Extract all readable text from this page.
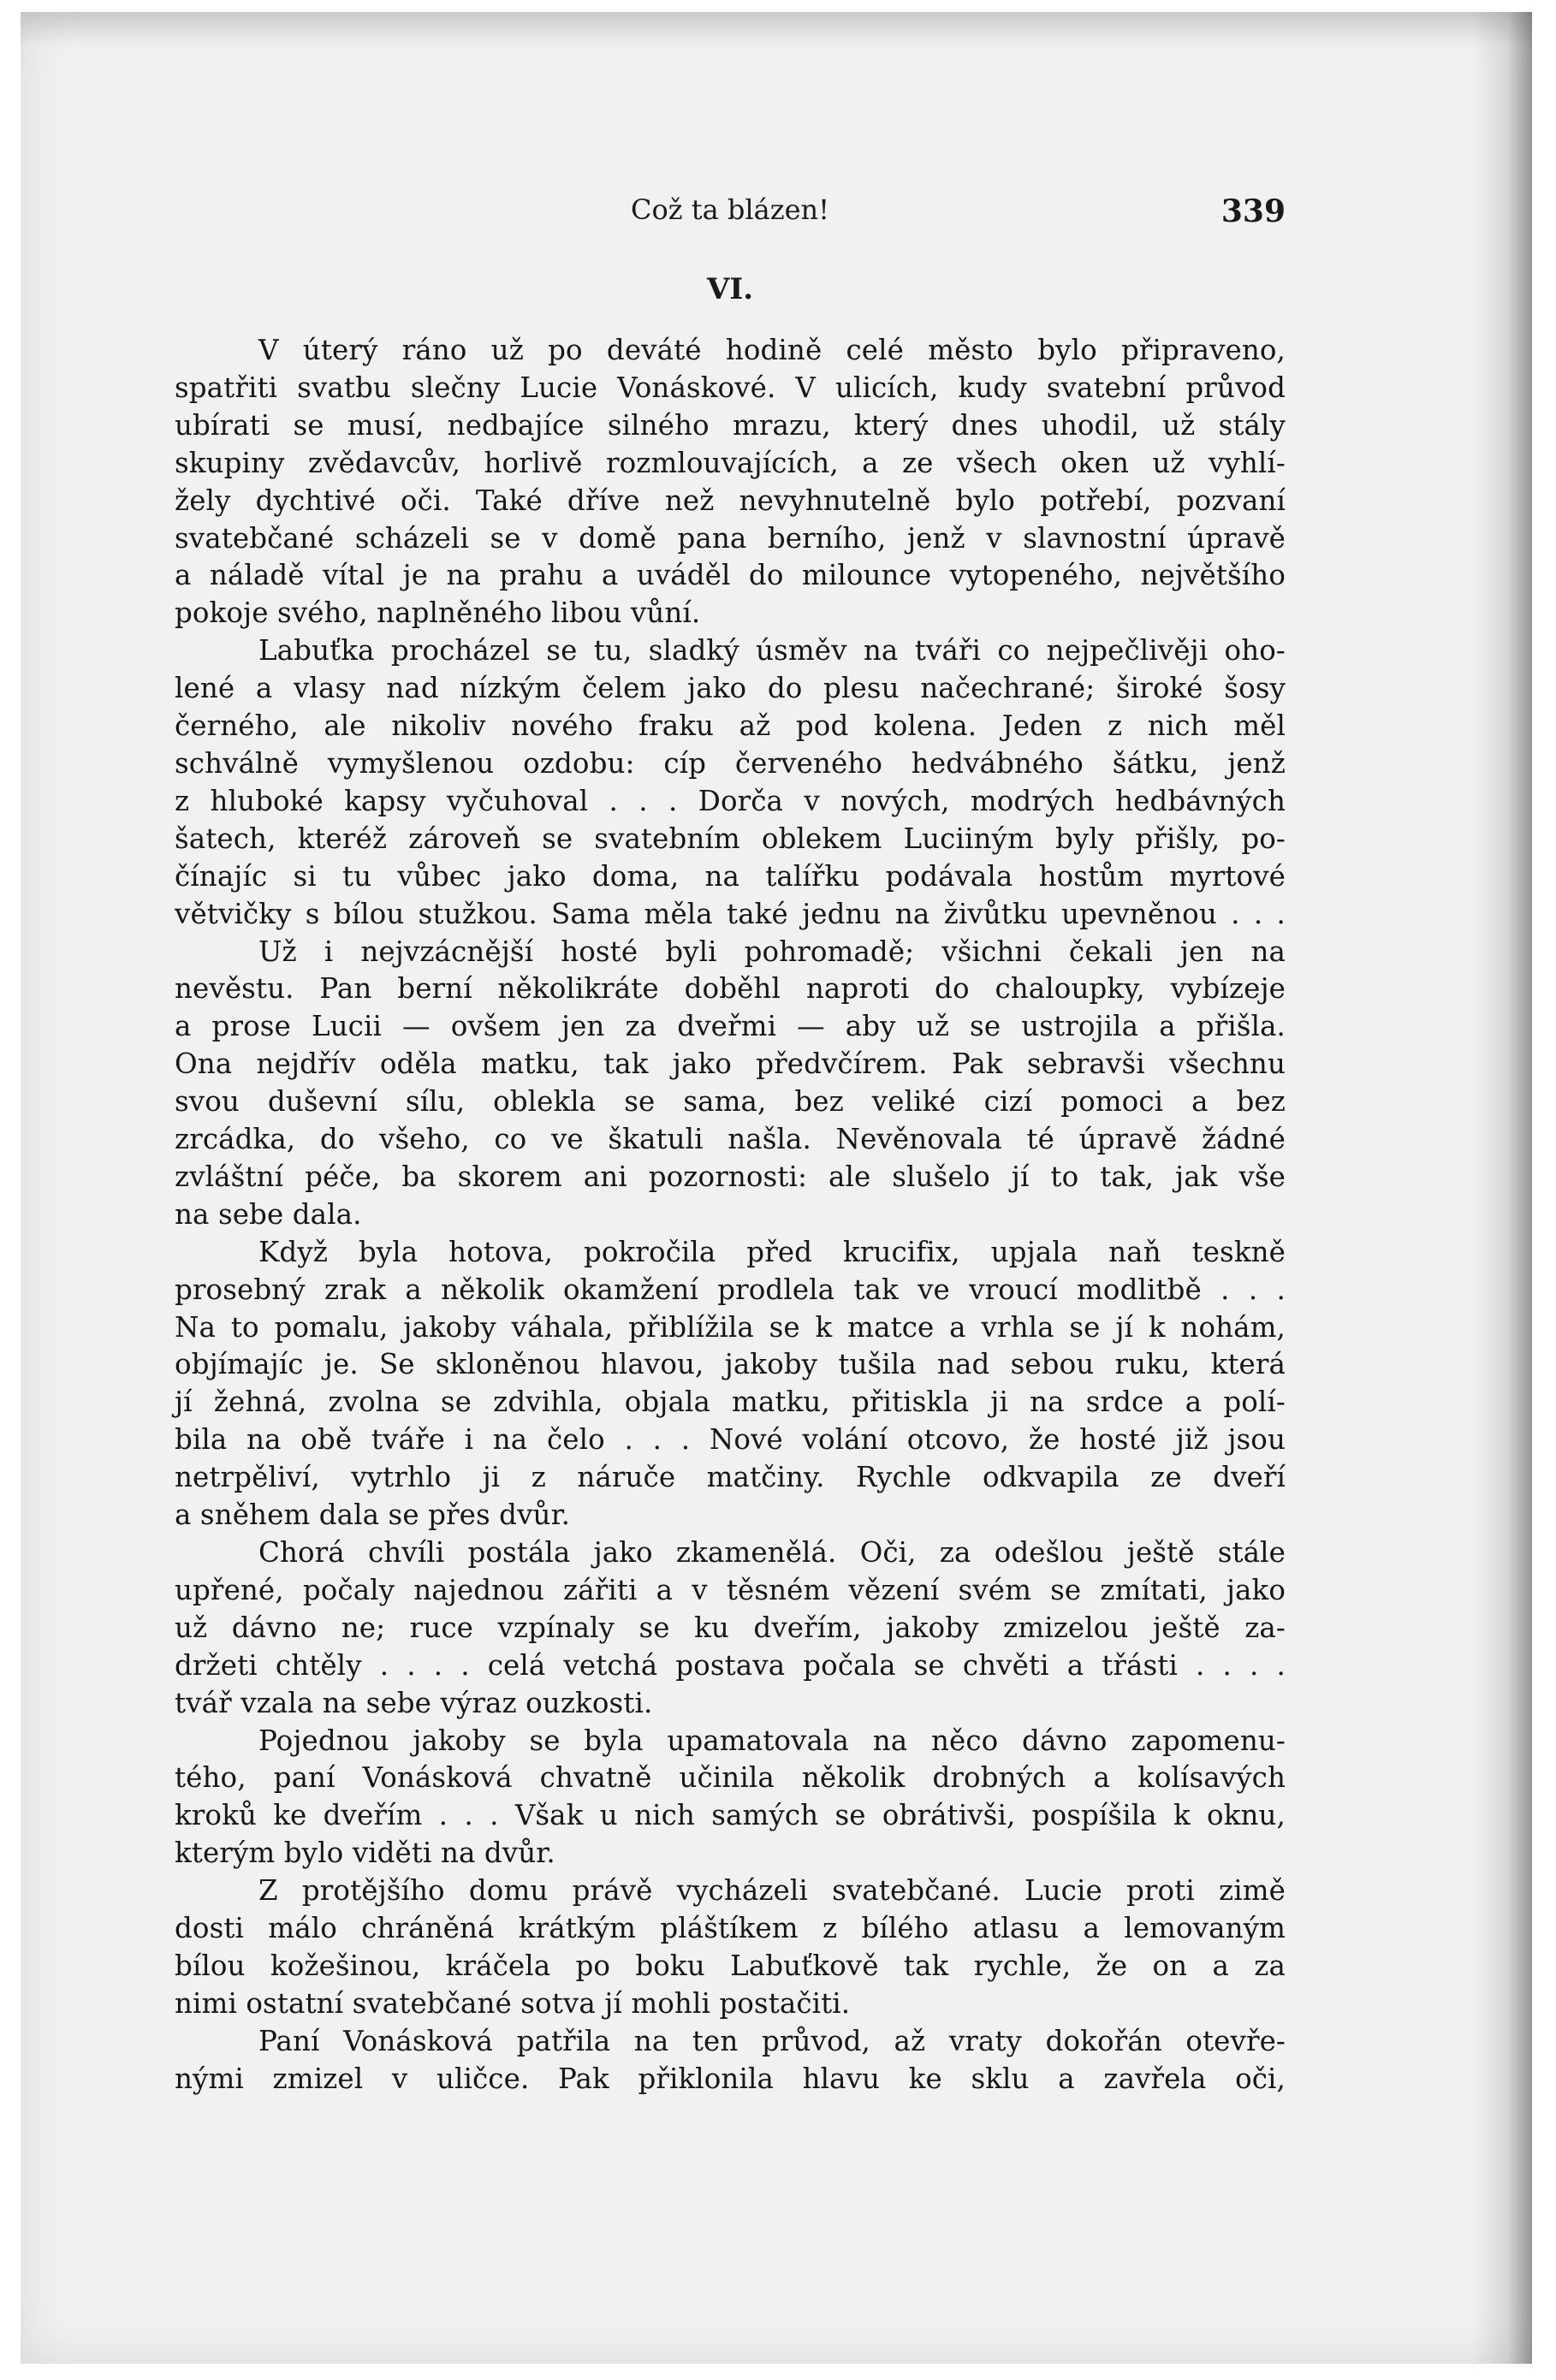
Což ta blázen!	339
VI.
V úterý ráno už po deváté hodině celé město bylo připraveno,
spatřiti svatbu slečny Lucie Vonáskové. V ulicích, kudy svatební průvod
ubírati se musí, nedbajíce silného mrazu, který dnes uhodil, už stály
skupiny zvědavcův, horlivě rozmlouvajících, a ze všech oken už vyhlí-
žely dychtivé oči. Také dříve než nevyhnutelně bylo potřebí, pozvaní
svatebčané scházeli se v domě pana berního, jenž v slavnostní úpravě
a náladě vítal je na prahu a uváděl do milounce vytopeného, největšího
pokoje svého, naplněného libou vůní.
Labuťka procházel se tu, sladký úsměv na tváři co nejpečlivěji oho-
lené a vlasy nad nízkým čelem jako do plesu načechrané; široké šosy
černého, ale nikoliv nového fraku až pod kolena. Jeden z nich měl
schválně vymyšlenou ozdobu: cíp červeného hedvábného šátku, jenž
z hluboké kapsy vyčuhoval . . . Dorča v nových, modrých hedbávných
šatech, kteréž zároveň se svatebním oblekem Luciiným byly přišly, po-
čínajíc si tu vůbec jako doma, na talířku podávala hostům myrtové
větvičky s bílou stužkou. Sama měla také jednu na živůtku upevněnou . . .
Už i nejvzácnější hosté byli pohromadě; všichni čekali jen na
nevěstu. Pan berní několikráte doběhl naproti do chaloupky, vybízeje
a prose Lucii — ovšem jen za dveřmi — aby už se ustrojila a přišla.
Ona nejdřív oděla matku, tak jako předvčírem. Pak sebravši všechnu
svou duševní sílu, oblekla se sama, bez veliké cizí pomoci a bez
zrcádka, do všeho, co ve škatuli našla. Nevěnovala té úpravě žádné
zvláštní péče, ba skorem ani pozornosti: ale slušelo jí to tak, jak vše
na sebe dala.
Když byla hotova, pokročila před krucifix, upjala naň teskně
prosebný zrak a několik okamžení prodlela tak ve vroucí modlitbě . . .
Na to pomalu, jakoby váhala, přiblížila se k matce a vrhla se jí k nohám,
objímajíc je. Se skloněnou hlavou, jakoby tušila nad sebou ruku, která
jí žehná, zvolna se zdvihla, objala matku, přitiskla ji na srdce a polí-
bila na obě tváře i na čelo . . . Nové volání otcovo, že hosté již jsou
netrpěliví, vytrhlo ji z náruče matčiny. Rychle odkvapila ze dveří
a sněhem dala se přes dvůr.
Chorá chvíli postála jako zkamenělá. Oči, za odešlou ještě stále
upřené, počaly najednou zářiti a v těsném vězení svém se zmítati, jako
už dávno ne; ruce vzpínaly se ku dveřím, jakoby zmizelou ještě za-
držeti chtěly . . . . celá vetchá postava počala se chvěti a třásti . . . .
tvář vzala na sebe výraz ouzkosti.
Pojednou jakoby se byla upamatovala na něco dávno zapomenu-
tého, paní Vonásková chvatně učinila několik drobných a kolísavých
kroků ke dveřím . . . Však u nich samých se obrátivši, pospíšila k oknu,
kterým bylo viděti na dvůr.
Z protějšího domu právě vycházeli svatebčané. Lucie proti zimě
dosti málo chráněná krátkým pláštíkem z bílého atlasu a lemovaným
bílou kožešinou, kráčela po boku Labuťkově tak rychle, že on a za
nimi ostatní svatebčané sotva jí mohli postačiti.
Paní Vonásková patřila na ten průvod, až vraty dokořán otevře-
nými zmizel v uličce. Pak přiklonila hlavu ke sklu a zavřela oči,
